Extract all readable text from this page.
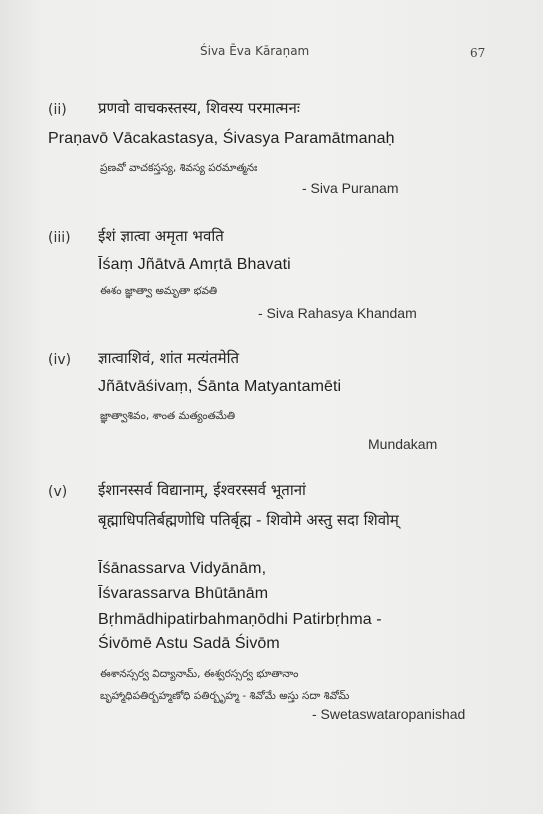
Śiva Ēva Kāraṇam	67
(ii) प्रणवो वाचकस्तस्य, शिवस्य परमात्मनः
Praṇavō Vācakastasya, Śivasya Paramātmanaḥ
ప్రణవో వాచకస్తస్య, శివస్య పరమాత్మనః
- Siva Puranam
(iii) ईशं ज्ञात्वा अमृता भवति
Īśaṃ Jñātvā Amṛtā Bhavati
ఈశం జ్ఞాత్వా అమృతా భవతి
- Siva Rahasya Khandam
(iv) ज्ञात्वाशिवं, शांत मत्यंतमेति
Jñātvāśivaṃ, Śānta Matyantamēti
జ్ఞాత్వాశివం, శాంత మత్యంతమేతి
Mundakam
(v) ईशानस्सर्व विद्यानाम्, ईश्वरस्सर्व भूतानां
बृह्माधिपतिर्बह्मणोधि पतिर्बृह्म - शिवोमे अस्तु सदा शिवोम्
Īśānassarva Vidyānām,
Īśvarassarva Bhūtānām
Bṛhmādhipatirbahmaṇōdhi Patirbṛhma -
Śivōmē Astu Sadā Śivōm
ఈశానస్సర్వ విద్యానామ్, ఈశ్వరస్సర్వ భూతానాం
బృహ్మాధిపతిర్బహ్మణోధి పతిర్బృహ్మ - శివోమే అస్తు సదా శివోమ్
- Swetaswataropanishad
